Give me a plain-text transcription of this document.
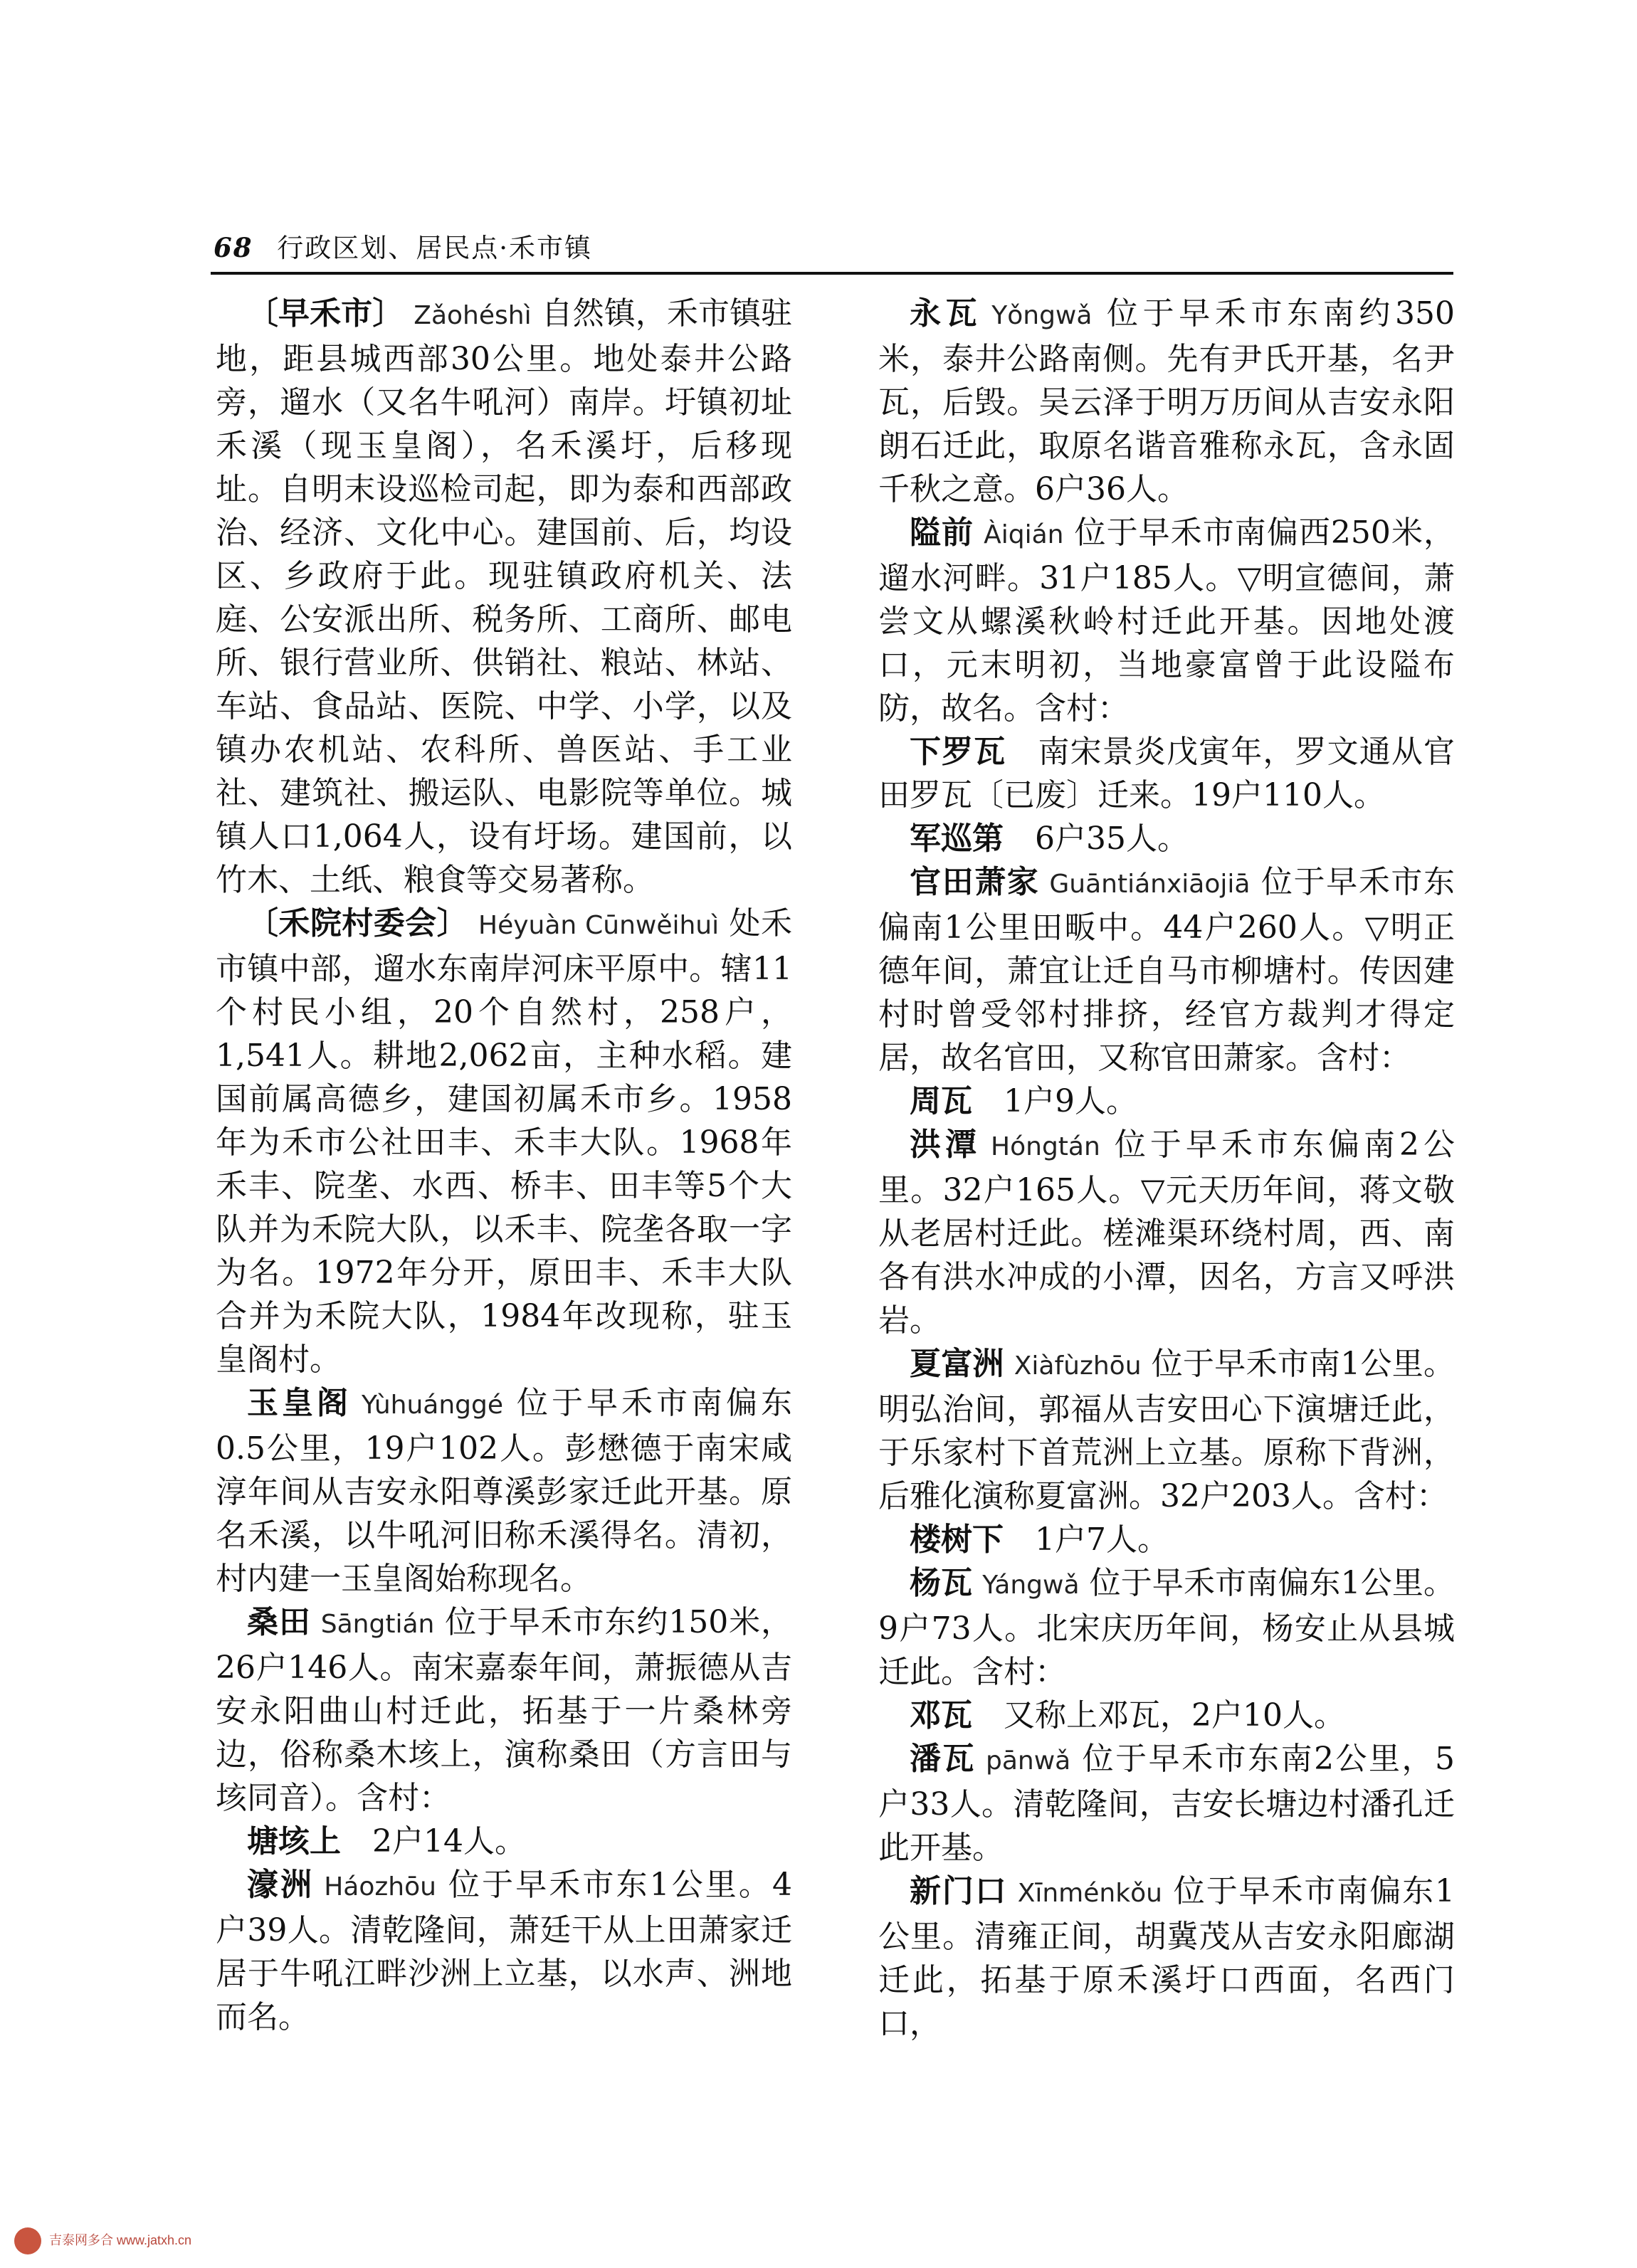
68 行政区划、居民点·禾市镇

〔早禾市〕 Zǎohéshì 自然镇，禾市镇驻地，距县城西部30公里。地处泰井公路旁，遛水（又名牛吼河）南岸。圩镇初址禾溪（现玉皇阁），名禾溪圩，后移现址。自明末设巡检司起，即为泰和西部政治、经济、文化中心。建国前、后，均设区、乡政府于此。现驻镇政府机关、法庭、公安派出所、税务所、工商所、邮电所、银行营业所、供销社、粮站、林站、车站、食品站、医院、中学、小学，以及镇办农机站、农科所、兽医站、手工业社、建筑社、搬运队、电影院等单位。城镇人口1,064人，设有圩场。建国前，以竹木、土纸、粮食等交易著称。

〔禾院村委会〕 Héyuàn Cūnwěihuì 处禾市镇中部，遛水东南岸河床平原中。辖11个村民小组，20个自然村，258户，1,541人。耕地2,062亩，主种水稻。建国前属高德乡，建国初属禾市乡。1958年为禾市公社田丰、禾丰大队。1968年禾丰、院垄、水西、桥丰、田丰等5个大队并为禾院大队，以禾丰、院垄各取一字为名。1972年分开，原田丰、禾丰大队合并为禾院大队，1984年改现称，驻玉皇阁村。

玉皇阁 Yùhuánggé 位于早禾市南偏东0.5公里，19户102人。彭懋德于南宋咸淳年间从吉安永阳尊溪彭家迁此开基。原名禾溪，以牛吼河旧称禾溪得名。清初，村内建一玉皇阁始称现名。

桑田 Sāngtián 位于早禾市东约150米，26户146人。南宋嘉泰年间，萧振德从吉安永阳曲山村迁此，拓基于一片桑林旁边，俗称桑木垓上，演称桑田（方言田与垓同音）。含村：

塘垓上　 2户14人。

濠洲 Háozhōu 位于早禾市东1公里。4户39人。清乾隆间，萧廷干从上田萧家迁居于牛吼江畔沙洲上立基，以水声、洲地而名。

永瓦 Yǒngwǎ 位于早禾市东南约350米，泰井公路南侧。先有尹氏开基，名尹瓦，后毁。吴云泽于明万历间从吉安永阳朗石迁此，取原名谐音雅称永瓦，含永固千秋之意。6户36人。

隘前 Àiqián 位于早禾市南偏西250米，遛水河畔。31户185人。▽明宣德间，萧尝文从螺溪秋岭村迁此开基。因地处渡口，元末明初，当地豪富曾于此设隘布防，故名。含村：

下罗瓦　 南宋景炎戊寅年，罗文通从官田罗瓦〔已废〕迁来。19户110人。

军巡第　 6户35人。

官田萧家 Guāntiánxiāojiā 位于早禾市东偏南1公里田畈中。44户260人。▽明正德年间，萧宜让迁自马市柳塘村。传因建村时曾受邻村排挤，经官方裁判才得定居，故名官田，又称官田萧家。含村：

周瓦　 1户9人。

洪潭 Hóngtán 位于早禾市东偏南2公里。32户165人。▽元天历年间，蒋文敬从老居村迁此。槎滩渠环绕村周，西、南各有洪水冲成的小潭，因名，方言又呼洪岩。

夏富洲 Xiàfùzhōu 位于早禾市南1公里。明弘治间，郭福从吉安田心下演塘迁此，于乐家村下首荒洲上立基。原称下背洲，后雅化演称夏富洲。32户203人。含村：

楼树下　 1户7人。

杨瓦 Yángwǎ 位于早禾市南偏东1公里。9户73人。北宋庆历年间，杨安止从县城迁此。含村：

邓瓦　 又称上邓瓦，2户10人。

潘瓦 pānwǎ 位于早禾市东南2公里，5户33人。清乾隆间，吉安长塘边村潘孔迁此开基。

新门口 Xīnménkǒu 位于早禾市南偏东1公里。清雍正间，胡冀茂从吉安永阳廊湖迁此，拓基于原禾溪圩口西面，名西门口，

吉泰网多合 www.jatxh.cn
